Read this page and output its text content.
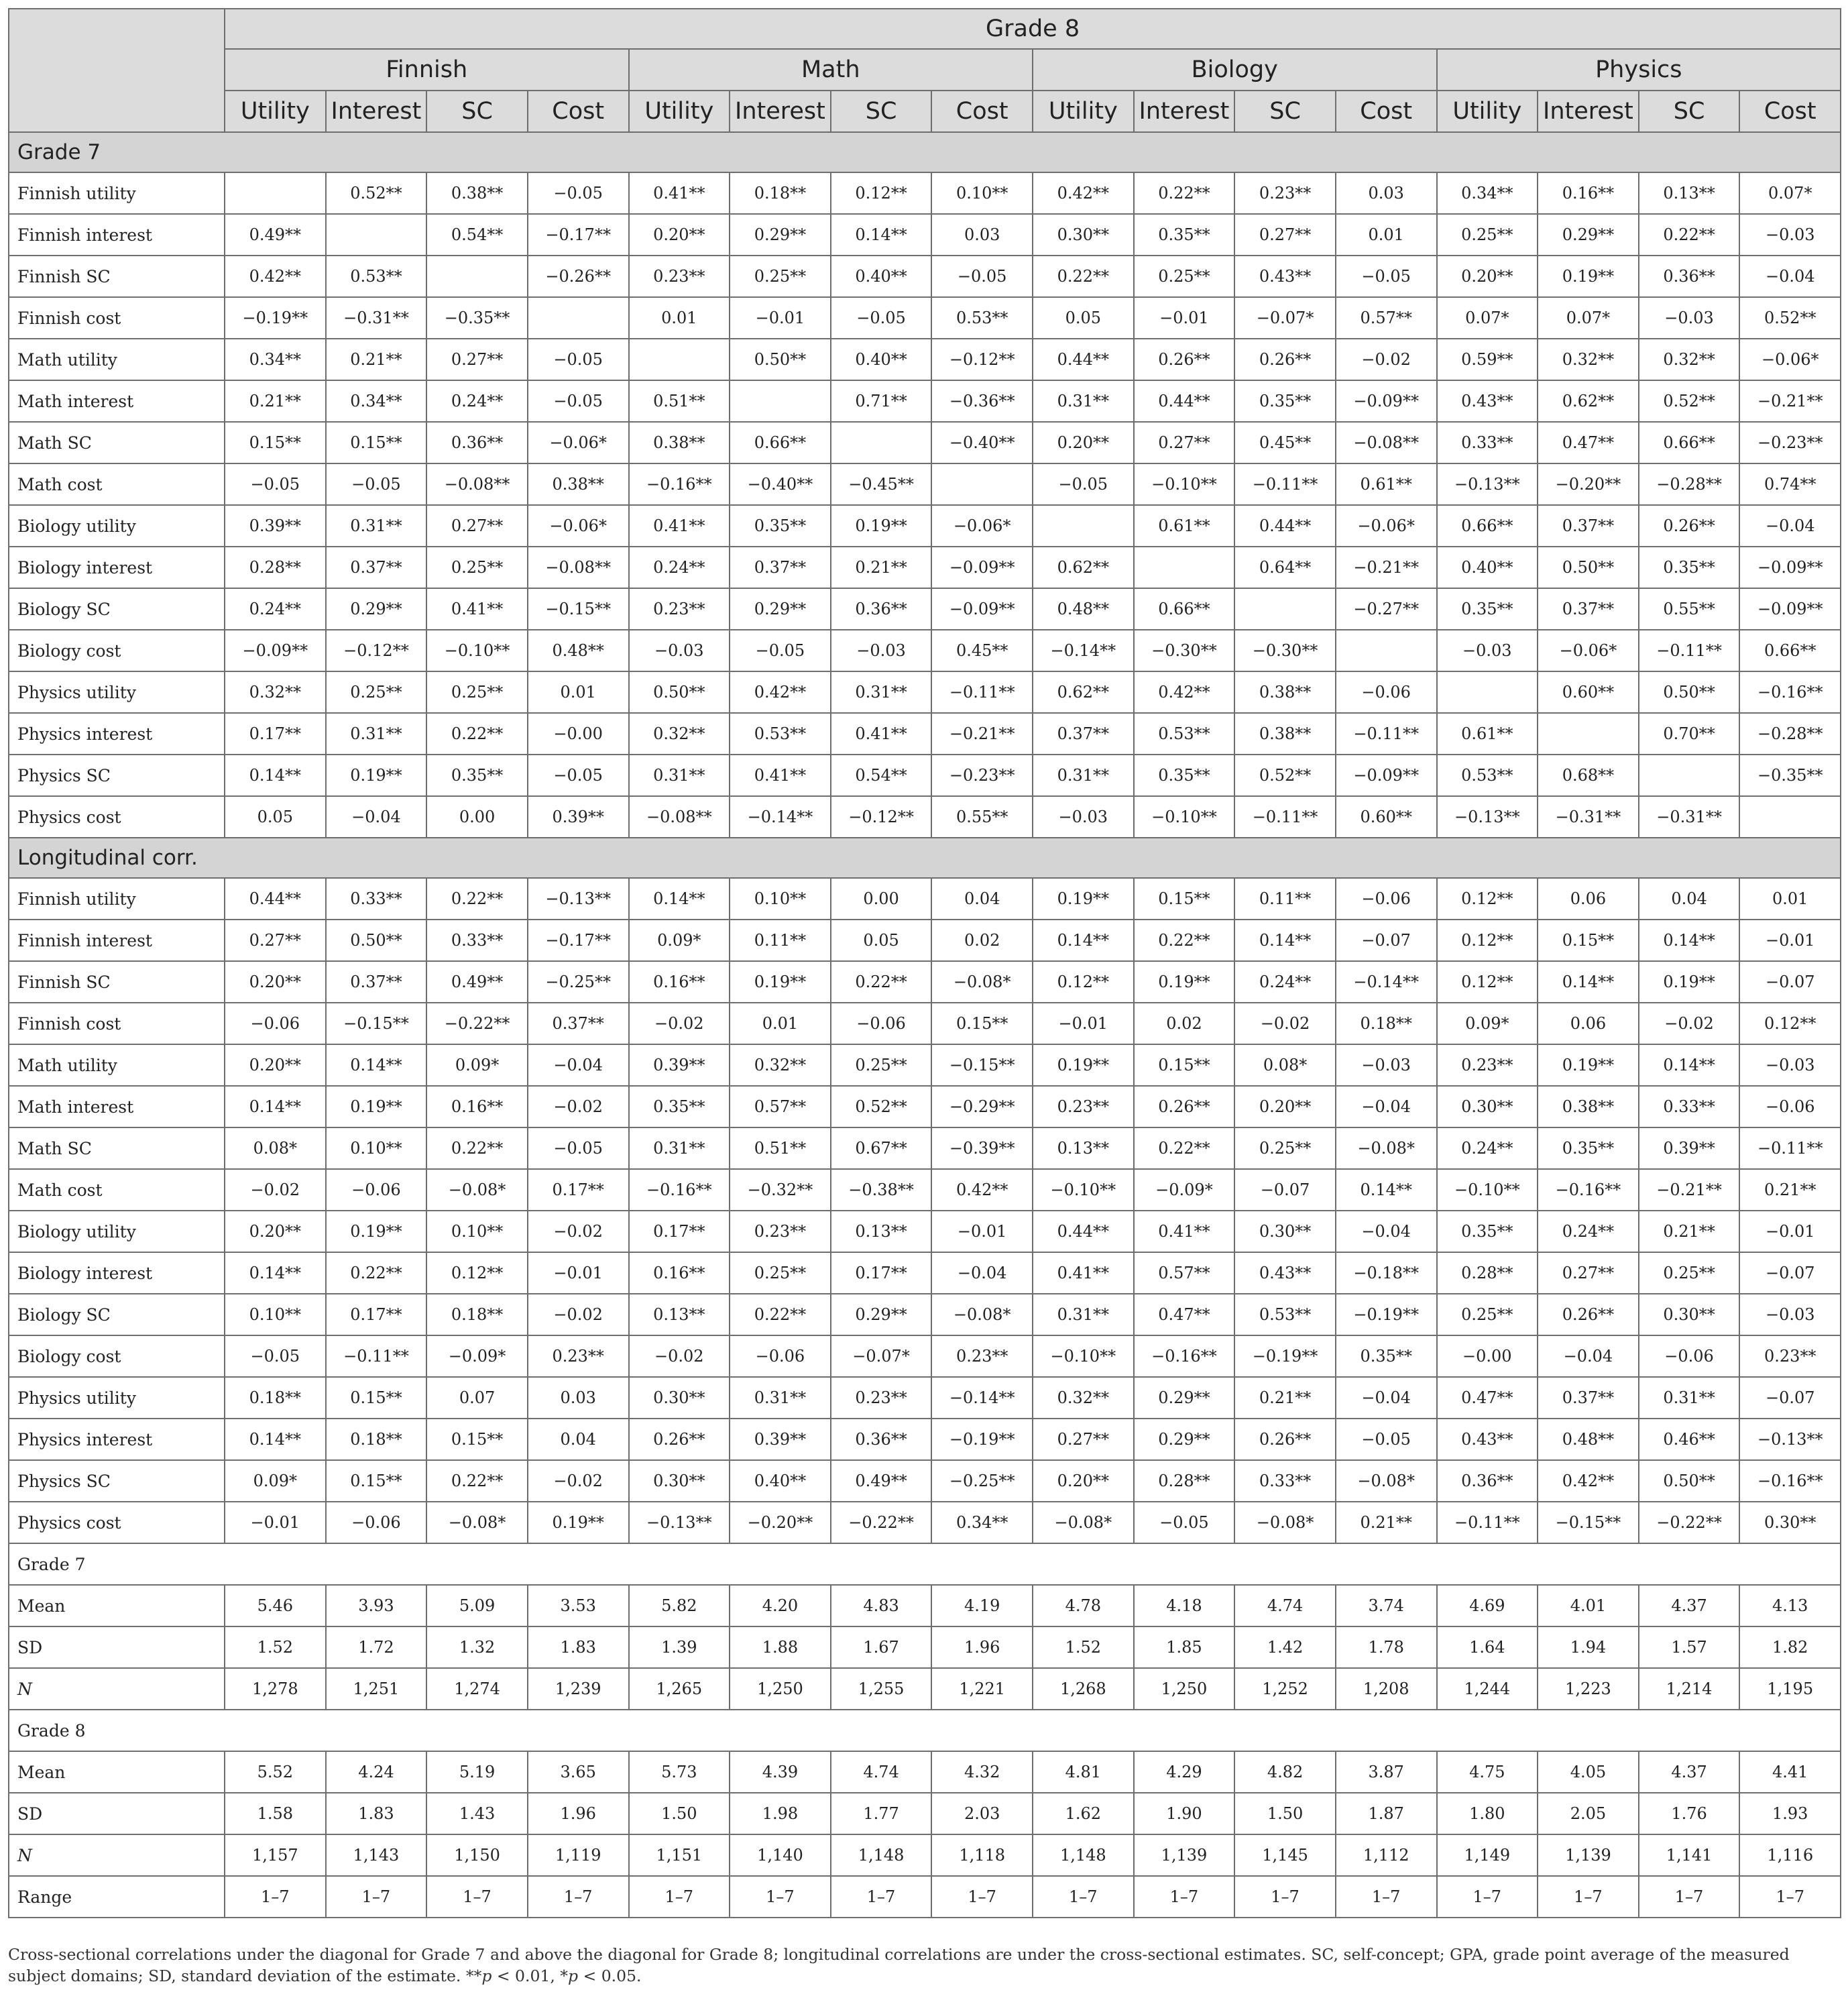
	Grade 8															
	Finnish				Math				Biology				Physics			
	Utility	Interest	SC	Cost	Utility	Interest	SC	Cost	Utility	Interest	SC	Cost	Utility	Interest	SC	Cost
Grade 7																
Finnish utility		0.52**	0.38**	−0.05	0.41**	0.18**	0.12**	0.10**	0.42**	0.22**	0.23**	0.03	0.34**	0.16**	0.13**	0.07*
Finnish interest	0.49**		0.54**	−0.17**	0.20**	0.29**	0.14**	0.03	0.30**	0.35**	0.27**	0.01	0.25**	0.29**	0.22**	−0.03
Finnish SC	0.42**	0.53**		−0.26**	0.23**	0.25**	0.40**	−0.05	0.22**	0.25**	0.43**	−0.05	0.20**	0.19**	0.36**	−0.04
Finnish cost	−0.19**	−0.31**	−0.35**		0.01	−0.01	−0.05	0.53**	0.05	−0.01	−0.07*	0.57**	0.07*	0.07*	−0.03	0.52**
Math utility	0.34**	0.21**	0.27**	−0.05		0.50**	0.40**	−0.12**	0.44**	0.26**	0.26**	−0.02	0.59**	0.32**	0.32**	−0.06*
Math interest	0.21**	0.34**	0.24**	−0.05	0.51**		0.71**	−0.36**	0.31**	0.44**	0.35**	−0.09**	0.43**	0.62**	0.52**	−0.21**
Math SC	0.15**	0.15**	0.36**	−0.06*	0.38**	0.66**		−0.40**	0.20**	0.27**	0.45**	−0.08**	0.33**	0.47**	0.66**	−0.23**
Math cost	−0.05	−0.05	−0.08**	0.38**	−0.16**	−0.40**	−0.45**		−0.05	−0.10**	−0.11**	0.61**	−0.13**	−0.20**	−0.28**	0.74**
Biology utility	0.39**	0.31**	0.27**	−0.06*	0.41**	0.35**	0.19**	−0.06*		0.61**	0.44**	−0.06*	0.66**	0.37**	0.26**	−0.04
Biology interest	0.28**	0.37**	0.25**	−0.08**	0.24**	0.37**	0.21**	−0.09**	0.62**		0.64**	−0.21**	0.40**	0.50**	0.35**	−0.09**
Biology SC	0.24**	0.29**	0.41**	−0.15**	0.23**	0.29**	0.36**	−0.09**	0.48**	0.66**		−0.27**	0.35**	0.37**	0.55**	−0.09**
Biology cost	−0.09**	−0.12**	−0.10**	0.48**	−0.03	−0.05	−0.03	0.45**	−0.14**	−0.30**	−0.30**		−0.03	−0.06*	−0.11**	0.66**
Physics utility	0.32**	0.25**	0.25**	0.01	0.50**	0.42**	0.31**	−0.11**	0.62**	0.42**	0.38**	−0.06		0.60**	0.50**	−0.16**
Physics interest	0.17**	0.31**	0.22**	−0.00	0.32**	0.53**	0.41**	−0.21**	0.37**	0.53**	0.38**	−0.11**	0.61**		0.70**	−0.28**
Physics SC	0.14**	0.19**	0.35**	−0.05	0.31**	0.41**	0.54**	−0.23**	0.31**	0.35**	0.52**	−0.09**	0.53**	0.68**		−0.35**
Physics cost	0.05	−0.04	0.00	0.39**	−0.08**	−0.14**	−0.12**	0.55**	−0.03	−0.10**	−0.11**	0.60**	−0.13**	−0.31**	−0.31**	
Longitudinal corr.																
Finnish utility	0.44**	0.33**	0.22**	−0.13**	0.14**	0.10**	0.00	0.04	0.19**	0.15**	0.11**	−0.06	0.12**	0.06	0.04	0.01
Finnish interest	0.27**	0.50**	0.33**	−0.17**	0.09*	0.11**	0.05	0.02	0.14**	0.22**	0.14**	−0.07	0.12**	0.15**	0.14**	−0.01
Finnish SC	0.20**	0.37**	0.49**	−0.25**	0.16**	0.19**	0.22**	−0.08*	0.12**	0.19**	0.24**	−0.14**	0.12**	0.14**	0.19**	−0.07
Finnish cost	−0.06	−0.15**	−0.22**	0.37**	−0.02	0.01	−0.06	0.15**	−0.01	0.02	−0.02	0.18**	0.09*	0.06	−0.02	0.12**
Math utility	0.20**	0.14**	0.09*	−0.04	0.39**	0.32**	0.25**	−0.15**	0.19**	0.15**	0.08*	−0.03	0.23**	0.19**	0.14**	−0.03
Math interest	0.14**	0.19**	0.16**	−0.02	0.35**	0.57**	0.52**	−0.29**	0.23**	0.26**	0.20**	−0.04	0.30**	0.38**	0.33**	−0.06
Math SC	0.08*	0.10**	0.22**	−0.05	0.31**	0.51**	0.67**	−0.39**	0.13**	0.22**	0.25**	−0.08*	0.24**	0.35**	0.39**	−0.11**
Math cost	−0.02	−0.06	−0.08*	0.17**	−0.16**	−0.32**	−0.38**	0.42**	−0.10**	−0.09*	−0.07	0.14**	−0.10**	−0.16**	−0.21**	0.21**
Biology utility	0.20**	0.19**	0.10**	−0.02	0.17**	0.23**	0.13**	−0.01	0.44**	0.41**	0.30**	−0.04	0.35**	0.24**	0.21**	−0.01
Biology interest	0.14**	0.22**	0.12**	−0.01	0.16**	0.25**	0.17**	−0.04	0.41**	0.57**	0.43**	−0.18**	0.28**	0.27**	0.25**	−0.07
Biology SC	0.10**	0.17**	0.18**	−0.02	0.13**	0.22**	0.29**	−0.08*	0.31**	0.47**	0.53**	−0.19**	0.25**	0.26**	0.30**	−0.03
Biology cost	−0.05	−0.11**	−0.09*	0.23**	−0.02	−0.06	−0.07*	0.23**	−0.10**	−0.16**	−0.19**	0.35**	−0.00	−0.04	−0.06	0.23**
Physics utility	0.18**	0.15**	0.07	0.03	0.30**	0.31**	0.23**	−0.14**	0.32**	0.29**	0.21**	−0.04	0.47**	0.37**	0.31**	−0.07
Physics interest	0.14**	0.18**	0.15**	0.04	0.26**	0.39**	0.36**	−0.19**	0.27**	0.29**	0.26**	−0.05	0.43**	0.48**	0.46**	−0.13**
Physics SC	0.09*	0.15**	0.22**	−0.02	0.30**	0.40**	0.49**	−0.25**	0.20**	0.28**	0.33**	−0.08*	0.36**	0.42**	0.50**	−0.16**
Physics cost	−0.01	−0.06	−0.08*	0.19**	−0.13**	−0.20**	−0.22**	0.34**	−0.08*	−0.05	−0.08*	0.21**	−0.11**	−0.15**	−0.22**	0.30**
Grade 7																
Mean	5.46	3.93	5.09	3.53	5.82	4.20	4.83	4.19	4.78	4.18	4.74	3.74	4.69	4.01	4.37	4.13
SD	1.52	1.72	1.32	1.83	1.39	1.88	1.67	1.96	1.52	1.85	1.42	1.78	1.64	1.94	1.57	1.82
N	1,278	1,251	1,274	1,239	1,265	1,250	1,255	1,221	1,268	1,250	1,252	1,208	1,244	1,223	1,214	1,195
Grade 8																
Mean	5.52	4.24	5.19	3.65	5.73	4.39	4.74	4.32	4.81	4.29	4.82	3.87	4.75	4.05	4.37	4.41
SD	1.58	1.83	1.43	1.96	1.50	1.98	1.77	2.03	1.62	1.90	1.50	1.87	1.80	2.05	1.76	1.93
N	1,157	1,143	1,150	1,119	1,151	1,140	1,148	1,118	1,148	1,139	1,145	1,112	1,149	1,139	1,141	1,116
Range	1–7	1–7	1–7	1–7	1–7	1–7	1–7	1–7	1–7	1–7	1–7	1–7	1–7	1–7	1–7	1–7
Cross-sectional correlations under the diagonal for Grade 7 and above the diagonal for Grade 8; longitudinal correlations are under the cross-sectional estimates. SC, self-concept; GPA, grade point average of the measured subject domains; SD, standard deviation of the estimate. **p < 0.01, *p < 0.05.
